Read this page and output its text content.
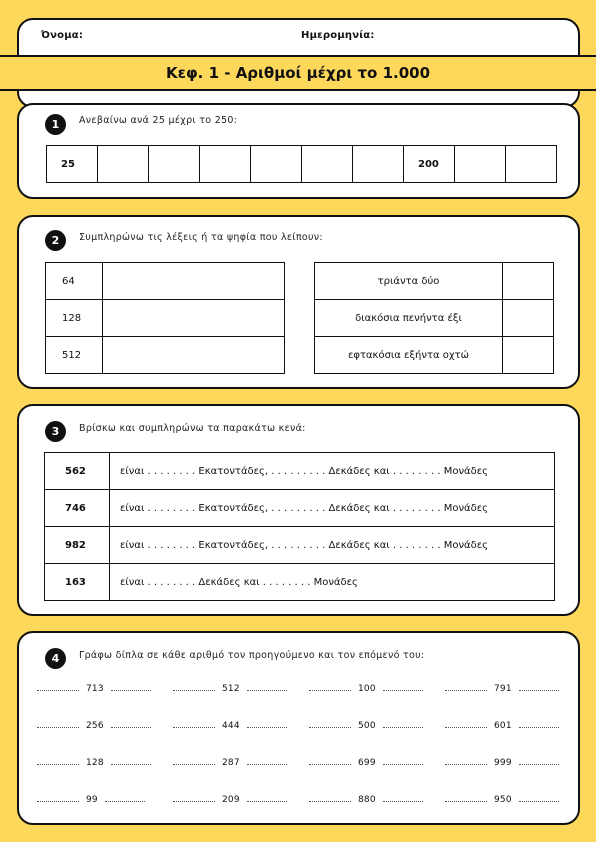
Όνομα:	Ημερομηνία:
Κεφ. 1 - Αριθμοί μέχρι το 1.000
1	Ανεβαίνω ανά 25 μέχρι το 250:
25							200		
2	Συμπληρώνω τις λέξεις ή τα ψηφία που λείπουν:
64	
128	
512	
τριάντα δύο	
διακόσια πενήντα έξι	
εφτακόσια εξήντα οχτώ	
3	Βρίσκω και συμπληρώνω τα παρακάτω κενά:
562	είναι . . . . . . . . Εκατοντάδες, . . . . . . . . . Δεκάδες και . . . . . . . . Μονάδες
746	είναι . . . . . . . . Εκατοντάδες, . . . . . . . . . Δεκάδες και . . . . . . . . Μονάδες
982	είναι . . . . . . . . Εκατοντάδες, . . . . . . . . . Δεκάδες και . . . . . . . . Μονάδες
163	είναι . . . . . . . . Δεκάδες και . . . . . . . . Μονάδες
4	Γράφω δίπλα σε κάθε αριθμό τον προηγούμενο και τον επόμενό του:
713	512	100	791
256	444	500	601
128	287	699	999
99	209	880	950
